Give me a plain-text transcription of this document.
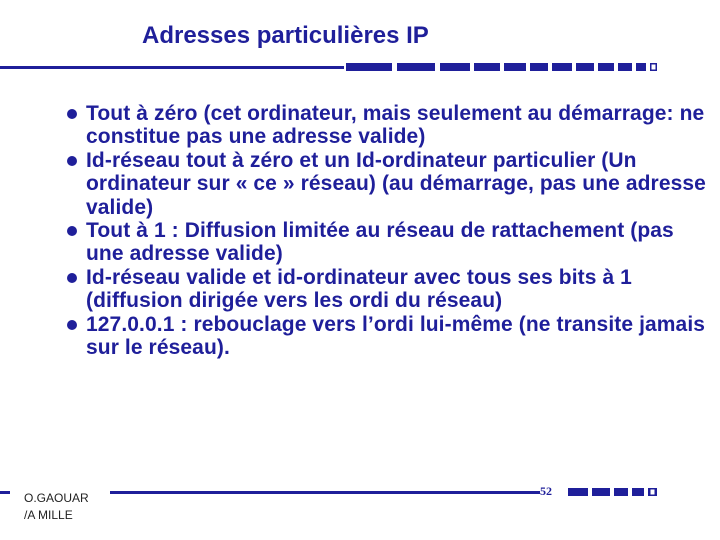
Adresses particulières IP
Tout à zéro (cet ordinateur, mais seulement au démarrage: ne constitue pas une adresse valide)
Id-réseau tout à zéro et un Id-ordinateur particulier (Un ordinateur sur « ce » réseau) (au démarrage, pas une adresse valide)
Tout à 1 : Diffusion limitée au réseau de rattachement (pas une adresse valide)
Id-réseau valide et id-ordinateur avec tous ses bits à 1 (diffusion dirigée vers les ordi du réseau)
127.0.0.1 : rebouclage vers l’ordi lui-même (ne transite jamais sur le réseau).
O.GAOUAR
/A MILLE
52
